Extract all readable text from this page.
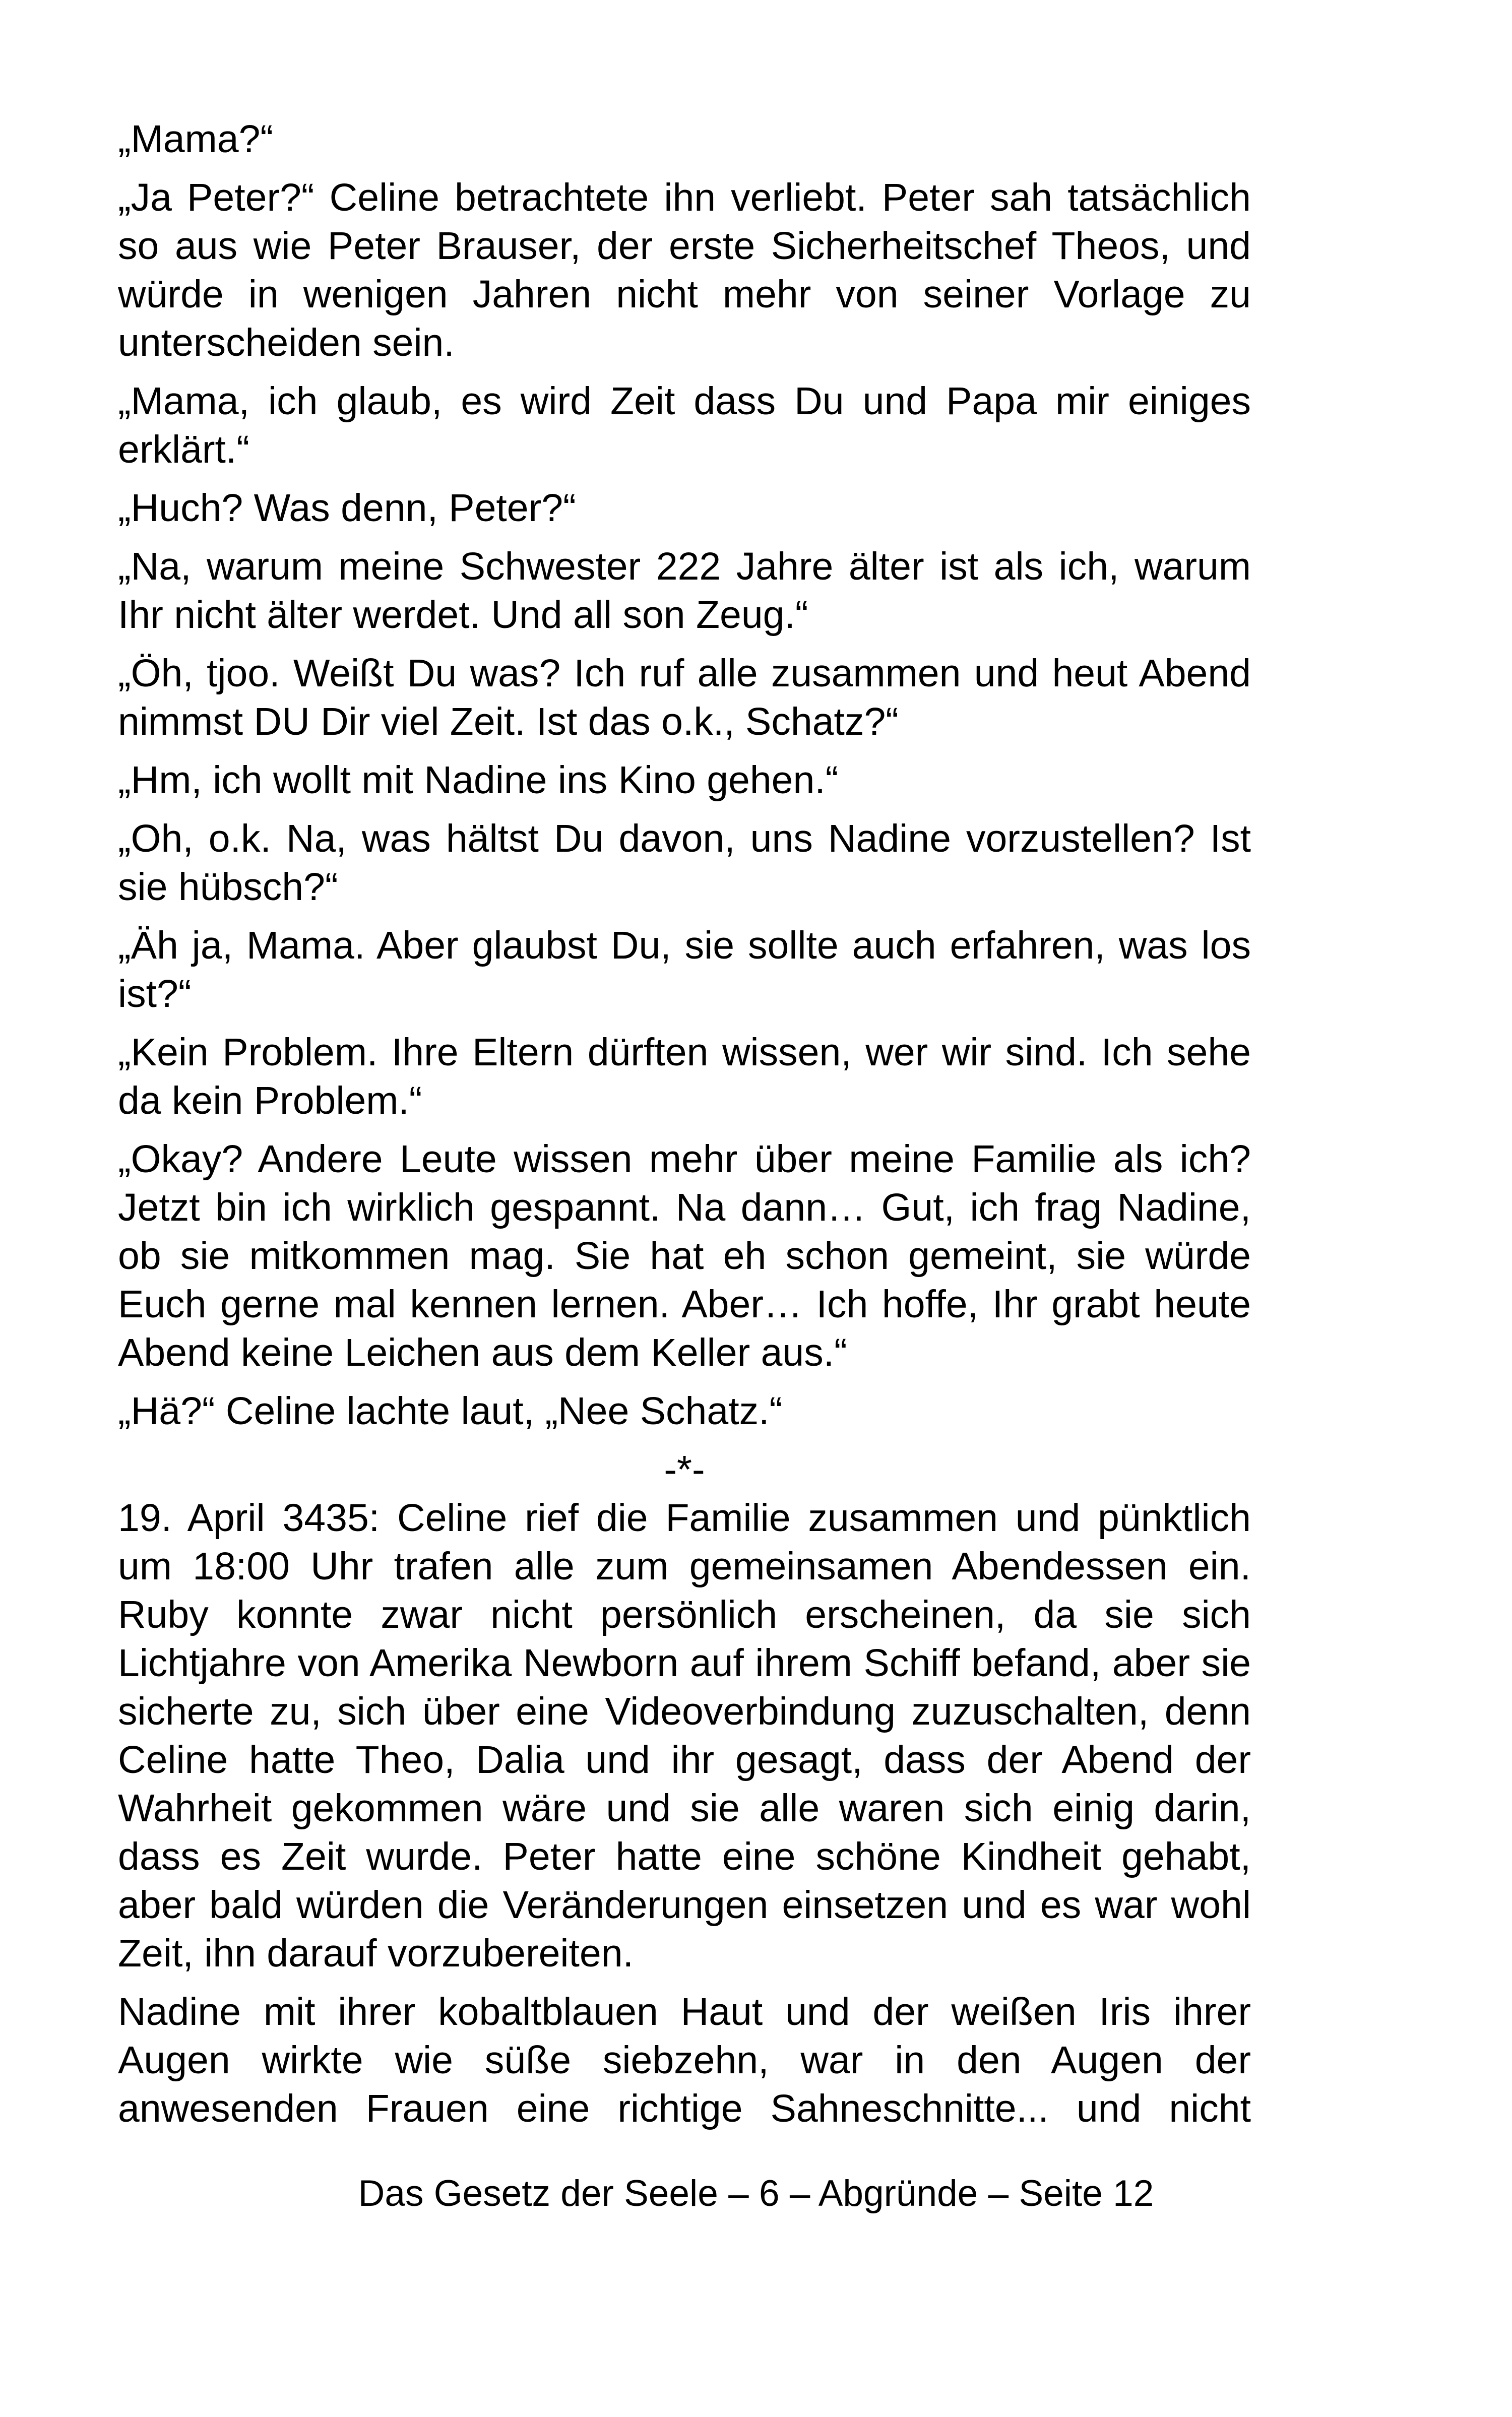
„Mama?“

„Ja Peter?“ Celine betrachtete ihn verliebt. Peter sah tatsächlich so aus wie Peter Brauser, der erste Sicherheitschef Theos, und würde in wenigen Jahren nicht mehr von seiner Vorlage zu unterscheiden sein.

„Mama, ich glaub, es wird Zeit dass Du und Papa mir einiges erklärt.“

„Huch? Was denn, Peter?“

„Na, warum meine Schwester 222 Jahre älter ist als ich, warum Ihr nicht älter werdet. Und all son Zeug.“

„Öh, tjoo. Weißt Du was? Ich ruf alle zusammen und heut Abend nimmst DU Dir viel Zeit. Ist das o.k., Schatz?“

„Hm, ich wollt mit Nadine ins Kino gehen.“

„Oh, o.k. Na, was hältst Du davon, uns Nadine vorzustellen? Ist sie hübsch?“

„Äh ja, Mama. Aber glaubst Du, sie sollte auch erfahren, was los ist?“

„Kein Problem. Ihre Eltern dürften wissen, wer wir sind. Ich sehe da kein Problem.“

„Okay? Andere Leute wissen mehr über meine Familie als ich? Jetzt bin ich wirklich gespannt. Na dann… Gut, ich frag Nadine, ob sie mitkommen mag. Sie hat eh schon gemeint, sie würde Euch gerne mal kennen lernen. Aber… Ich hoffe, Ihr grabt heute Abend keine Leichen aus dem Keller aus.“

„Hä?“ Celine lachte laut, „Nee Schatz.“

-*-

19. April 3435: Celine rief die Familie zusammen und pünktlich um 18:00 Uhr trafen alle zum gemeinsamen Abendessen ein. Ruby konnte zwar nicht persönlich erscheinen, da sie sich Lichtjahre von Amerika Newborn auf ihrem Schiff befand, aber sie sicherte zu, sich über eine Videoverbindung zuzuschalten, denn Celine hatte Theo, Dalia und ihr gesagt, dass der Abend der Wahrheit gekommen wäre und sie alle waren sich einig darin, dass es Zeit wurde. Peter hatte eine schöne Kindheit gehabt, aber bald würden die Veränderungen einsetzen und es war wohl Zeit, ihn darauf vorzubereiten.

Nadine mit ihrer kobaltblauen Haut und der weißen Iris ihrer Augen wirkte wie süße siebzehn, war in den Augen der anwesenden Frauen eine richtige Sahneschnitte... und nicht

Das Gesetz der Seele – 6 – Abgründe – Seite 12
